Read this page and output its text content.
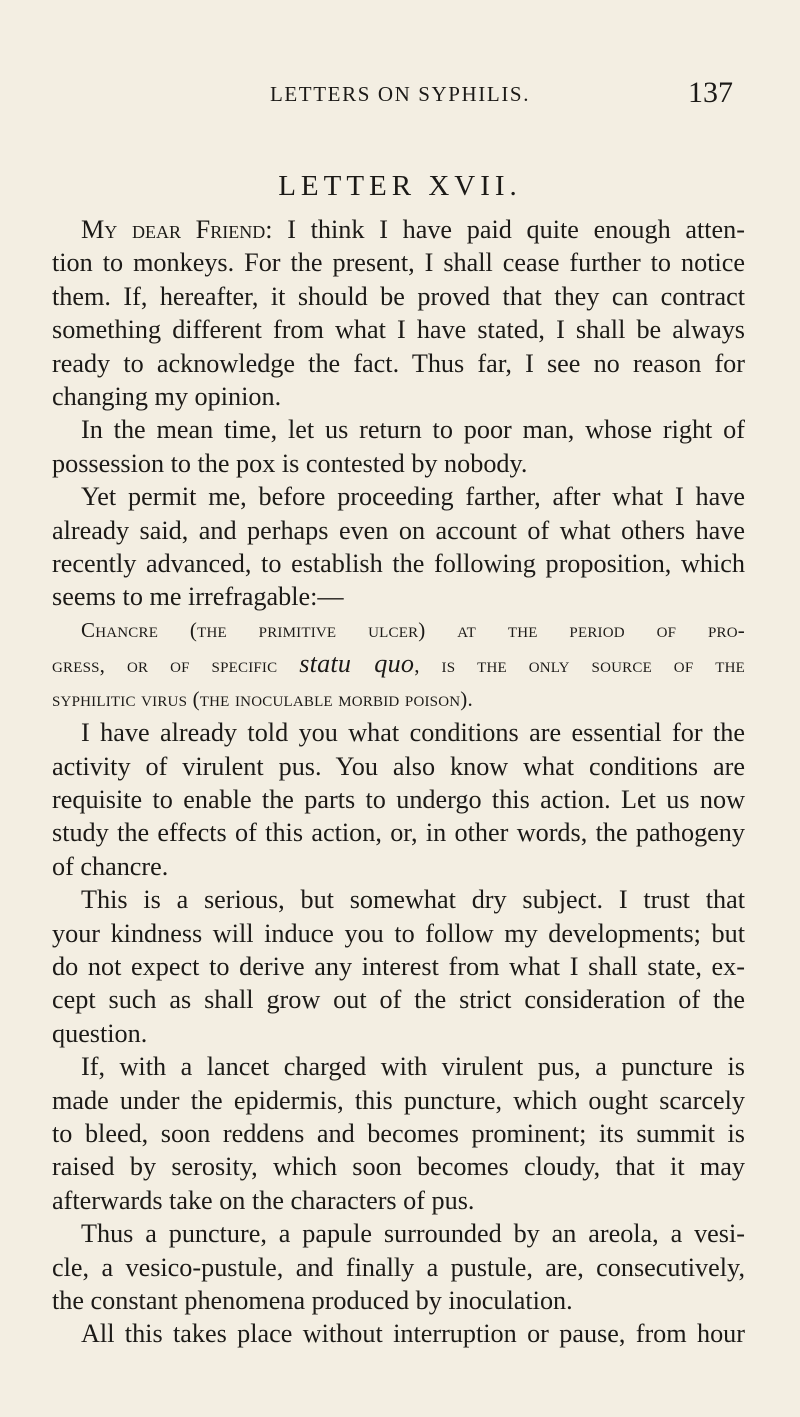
LETTERS ON SYPHILIS.	137
LETTER XVII.
My dear Friend: I think I have paid quite enough atten-
tion to monkeys. For the present, I shall cease further to notice
them. If, hereafter, it should be proved that they can contract
something different from what I have stated, I shall be always
ready to acknowledge the fact. Thus far, I see no reason for
changing my opinion.
In the mean time, let us return to poor man, whose right of
possession to the pox is contested by nobody.
Yet permit me, before proceeding farther, after what I have
already said, and perhaps even on account of what others have
recently advanced, to establish the following proposition, which
seems to me irrefragable:—
Chancre (the primitive ulcer) at the period of pro-
gress, or of specific statu quo, is the only source of the
syphilitic virus (the inoculable morbid poison).
I have already told you what conditions are essential for the
activity of virulent pus. You also know what conditions are
requisite to enable the parts to undergo this action. Let us now
study the effects of this action, or, in other words, the pathogeny
of chancre.
This is a serious, but somewhat dry subject. I trust that
your kindness will induce you to follow my developments; but
do not expect to derive any interest from what I shall state, ex-
cept such as shall grow out of the strict consideration of the
question.
If, with a lancet charged with virulent pus, a puncture is
made under the epidermis, this puncture, which ought scarcely
to bleed, soon reddens and becomes prominent; its summit is
raised by serosity, which soon becomes cloudy, that it may
afterwards take on the characters of pus.
Thus a puncture, a papule surrounded by an areola, a vesi-
cle, a vesico-pustule, and finally a pustule, are, consecutively,
the constant phenomena produced by inoculation.
All this takes place without interruption or pause, from hour
